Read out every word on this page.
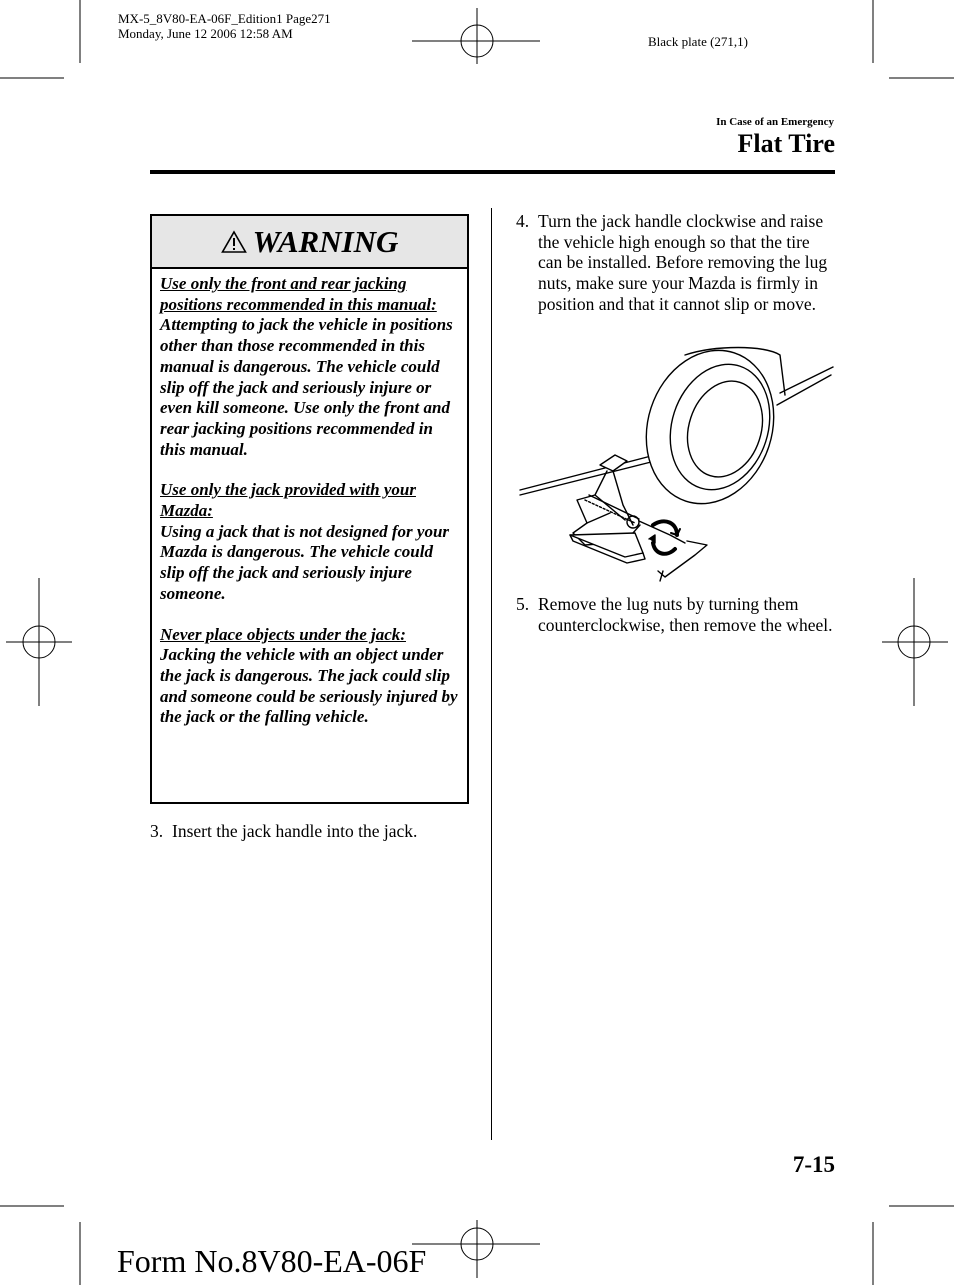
MX-5_8V80-EA-06F_Edition1 Page271
Monday, June 12 2006 12:58 AM
Black plate (271,1)
In Case of an Emergency
Flat Tire
WARNING
Use only the front and rear jacking positions recommended in this manual:
Attempting to jack the vehicle in positions other than those recommended in this manual is dangerous. The vehicle could slip off the jack and seriously injure or even kill someone. Use only the front and rear jacking positions recommended in this manual.
Use only the jack provided with your Mazda:
Using a jack that is not designed for your Mazda is dangerous. The vehicle could slip off the jack and seriously injure someone.
Never place objects under the jack:
Jacking the vehicle with an object under the jack is dangerous. The jack could slip and someone could be seriously injured by the jack or the falling vehicle.
3. Insert the jack handle into the jack.
4. Turn the jack handle clockwise and raise the vehicle high enough so that the tire can be installed. Before removing the lug nuts, make sure your Mazda is firmly in position and that it cannot slip or move.
5. Remove the lug nuts by turning them counterclockwise, then remove the wheel.
7-15
Form No.8V80-EA-06F
